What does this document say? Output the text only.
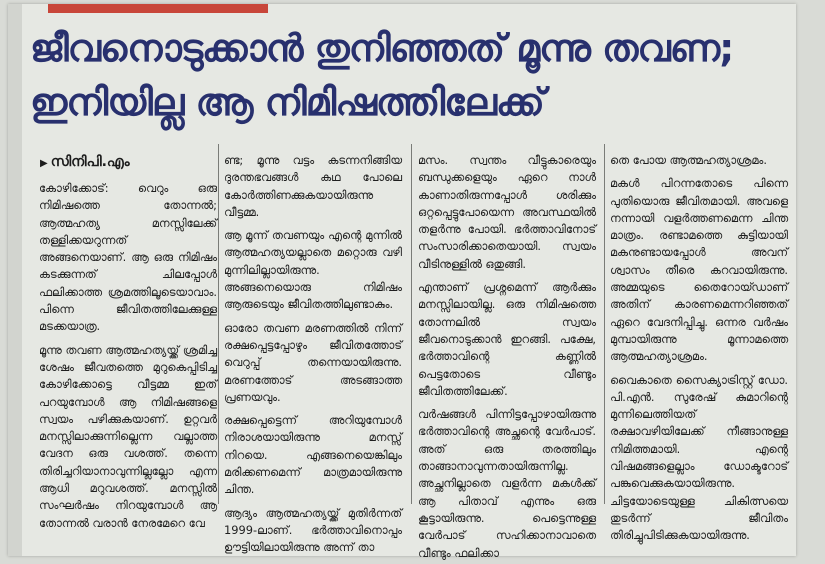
ജീവനൊടുക്കാൻ തുനിഞ്ഞത് മൂന്നു തവണ;
ഇനിയില്ല ആ നിമിഷത്തിലേക്ക്
▶ സിനിപി.എം

കോഴിക്കോട്: വെറും ഒരു നിമിഷത്തെ തോന്നൽ; ആത്മഹത്യ മനസ്സിലേക്ക് തള്ളിക്കയറുന്നത് അങ്ങനെയാണ്. ആ ഒരു നിമിഷം കടക്കുന്നത് ചിലപ്പോൾ ഫലിക്കാത്ത ശ്രമത്തിലൂടെയാവാം. പിന്നെ ജീവിതത്തിലേക്കുള്ള മടക്കയാത്ര.

മൂന്നു തവണ ആത്മഹത്യയ്ക്ക് ശ്രമിച്ച ശേഷം ജീവതത്തെ മുറുകെപ്പിടിച്ച കോഴിക്കോട്ടെ വീട്ടമ്മ ഇത് പറയുമ്പോൾ ആ നിമിഷങ്ങളെ സ്വയം പഴിക്കുകയാണ്. ഉറ്റവർ മനസ്സിലാക്കുന്നില്ലെന്ന വല്ലാത്ത വേദന ഒരു വശത്ത്. തന്നെ തിരിച്ചറിയാനാവുന്നില്ലല്ലോ എന്ന ആധി മറുവശത്ത്. മനസ്സിൽ സംഘർഷം നിറയുമ്പോൾ ആ തോന്നൽ വരാൻ നേരമേറെ വേ

ണ്ട; മൂന്നു വട്ടം കടന്നനിങ്ങിയ ദുരന്തഭവങ്ങൾ കഥ പോലെ കോർത്തിണക്കുകയായിരുന്നു വീട്ടമ്മ.

ആ മൂന്ന് തവണയും എന്റെ മുന്നിൽ ആത്മഹത്യയല്ലാതെ മറ്റൊരു വഴി മുന്നിലില്ലായിരുന്നു. അങ്ങനെയൊരു നിമിഷം ആരുടെയും ജീവിതത്തിലുണ്ടാകും.

ഓരോ തവണ മരണത്തിൽ നിന്ന് രക്ഷപ്പെട്ടപ്പോഴും ജീവിതത്തോട് വെറുപ്പ് തന്നെയായിരുന്നു. മരണത്തോട് അടങ്ങാത്ത പ്രണയവും.

രക്ഷപ്പെട്ടെന്ന് അറിയുമ്പോൾ നിരാശയായിരുന്നു മനസ്സ് നിറയെ. എങ്ങനെയെങ്കിലും മരിക്കണമെന്ന് മാത്രമായിരുന്നു ചിന്ത.

ആദ്യം ആത്മഹത്യയ്ക്ക് മുതിർന്നത് 1999-ലാണ്. ഭർത്താവിനൊപ്പം ഊട്ടിയിലായിരുന്നു അന്ന് താ

മസം. സ്വന്തം വീട്ടുകാരെയും ബന്ധുക്കളെയും ഏറെ നാൾ കാണാതിരുന്നപ്പോൾ ശരിക്കും ഒറ്റപ്പെട്ടുപോയെന്ന അവസ്ഥയിൽ തളർന്നു പോയി. ഭർത്താവിനോട് സംസാരിക്കാതെയായി. സ്വയം വീടിനുള്ളിൽ ഒതുങ്ങി.

എന്താണ് പ്രശ്നമെന്ന് ആർക്കും മനസ്സിലായില്ല. ഒരു നിമിഷത്തെ തോന്നലിൽ സ്വയം ജീവനൊടുക്കാൻ ഇറങ്ങി. പക്ഷേ, ഭർത്താവിന്റെ കണ്ണിൽ പെട്ടതോടെ വീണ്ടും ജീവിതത്തിലേക്ക്.

വർഷങ്ങൾ പിന്നിട്ടപ്പോഴായിരുന്നു ഭർത്താവിന്റെ അച്ഛന്റെ വേർപാട്. അത് ഒരു തരത്തിലും താങ്ങാനാവുന്നതായിരുന്നില്ല. അച്ഛനില്ലാതെ വളർന്ന മകൾക്ക് ആ പിതാവ് എന്നും ഒരു കൂട്ടായിരുന്നു. പെട്ടെന്നുള്ള വേർപാട് സഹിക്കാനാവാതെ വീണ്ടും ഫലിക്കാ

തെ പോയ ആത്മഹത്യാശ്രമം.

മകൾ പിറന്നതോടെ പിന്നെ പുതിയൊരു ജീവിതമായി. അവളെ നന്നായി വളർത്തണമെന്ന ചിന്ത മാത്രം. രണ്ടാമത്തെ കുട്ടിയായി മകനുണ്ടായപ്പോൾ അവന് ശ്വാസം തീരെ കറവായിരുന്നു. അമ്മയുടെ തൈറോയ്ഡാണ് അതിന് കാരണമെന്നറിഞ്ഞത് ഏറെ വേദനിപ്പിച്ചു. ഒന്നര വർഷം മുമ്പായിരുന്നു മൂന്നാമത്തെ ആത്മഹത്യാശ്രമം.

വൈകാതെ സൈക്യാട്രിസ്റ്റ് ഡോ. പി.എൻ. സുരേഷ് കുമാറിന്റെ മുന്നിലെത്തിയത് രക്ഷാവഴിയിലേക്ക് നീങ്ങാനുള്ള നിമിത്തമായി. എന്റെ വിഷമങ്ങളെല്ലാം ഡോക്ടറോട് പങ്കുവെക്കുകയായിരുന്നു. ചിട്ടയോടെയുള്ള ചികിത്സയെ തുടർന്ന് ജീവിതം തിരിച്ചുപിടിക്കുകയായിരുന്നു.
